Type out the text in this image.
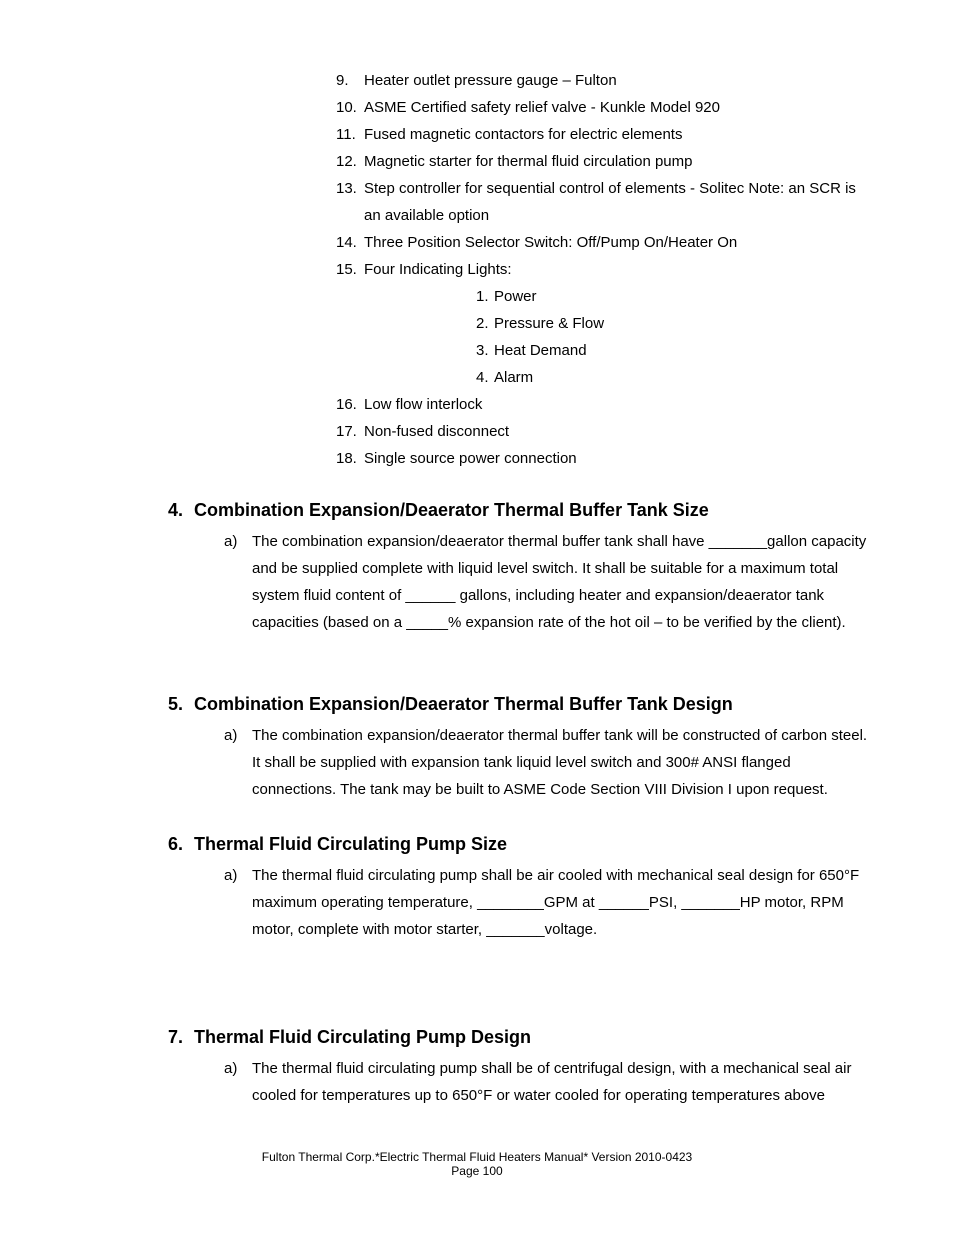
9.	Heater outlet pressure gauge – Fulton
10. ASME Certified safety relief valve - Kunkle Model 920
11. Fused magnetic contactors for electric elements
12. Magnetic starter for thermal fluid circulation pump
13. Step controller for sequential control of elements - Solitec Note: an SCR is an available option
14. Three Position Selector Switch: Off/Pump On/Heater On
15. Four Indicating Lights:
1. Power
2. Pressure & Flow
3. Heat Demand
4. Alarm
16. Low flow interlock
17. Non-fused disconnect
18. Single source power connection
4. Combination Expansion/Deaerator Thermal Buffer Tank Size
a) The combination expansion/deaerator thermal buffer tank shall have _______gallon capacity and be supplied complete with liquid level switch. It shall be suitable for a maximum total system fluid content of ______ gallons, including heater and expansion/deaerator tank capacities (based on a _____% expansion rate of the hot oil – to be verified by the client).
5. Combination Expansion/Deaerator Thermal Buffer Tank Design
a) The combination expansion/deaerator thermal buffer tank will be constructed of carbon steel. It shall be supplied with expansion tank liquid level switch and 300# ANSI flanged connections. The tank may be built to ASME Code Section VIII Division I upon request.
6. Thermal Fluid Circulating Pump Size
a) The thermal fluid circulating pump shall be air cooled with mechanical seal design for 650°F maximum operating temperature, ________GPM at ______PSI, _______HP motor, RPM motor, complete with motor starter, _______voltage.
7. Thermal Fluid Circulating Pump Design
a) The thermal fluid circulating pump shall be of centrifugal design, with a mechanical seal air cooled for temperatures up to 650°F or water cooled for operating temperatures above
Fulton Thermal Corp.*Electric Thermal Fluid Heaters Manual* Version 2010-0423
Page 100
